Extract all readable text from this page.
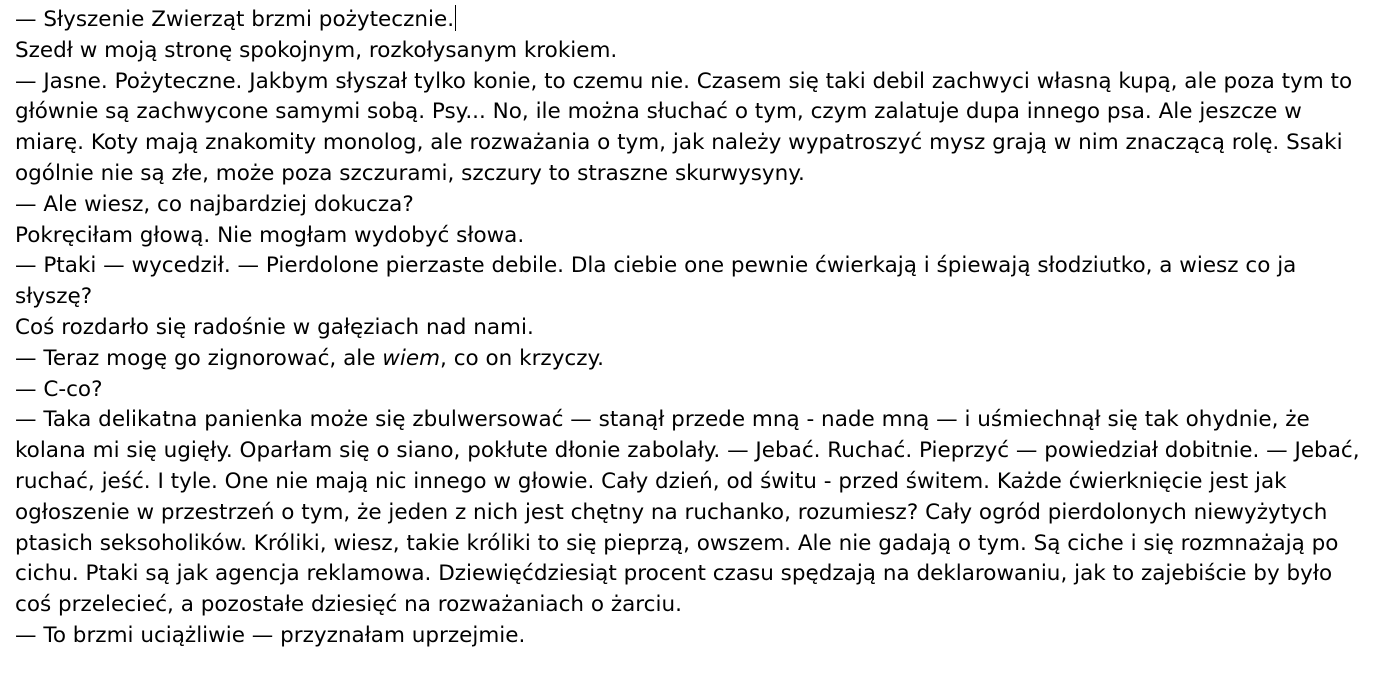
— Słyszenie Zwierząt brzmi pożytecznie.

Szedł w moją stronę spokojnym, rozkołysanym krokiem.

— Jasne. Pożyteczne. Jakbym słyszał tylko konie, to czemu nie. Czasem się taki debil zachwyci własną kupą, ale poza tym to głównie są zachwycone samymi sobą. Psy... No, ile można słuchać o tym, czym zalatuje dupa innego psa. Ale jeszcze w miarę. Koty mają znakomity monolog, ale rozważania o tym, jak należy wypatroszyć mysz grają w nim znaczącą rolę. Ssaki ogólnie nie są złe, może poza szczurami, szczury to straszne skurwysyny.

— Ale wiesz, co najbardziej dokucza?

Pokręciłam głową. Nie mogłam wydobyć słowa.

— Ptaki — wycedził. — Pierdolone pierzaste debile. Dla ciebie one pewnie ćwierkają i śpiewają słodziutko, a wiesz co ja słyszę?

Coś rozdarło się radośnie w gałęziach nad nami.

— Teraz mogę go zignorować, ale wiem, co on krzyczy.

— C-co?

— Taka delikatna panienka może się zbulwersować — stanął przede mną - nade mną — i uśmiechnął się tak ohydnie, że kolana mi się ugięły. Oparłam się o siano, pokłute dłonie zabolały. — Jebać. Ruchać. Pieprzyć — powiedział dobitnie. — Jebać, ruchać, jeść. I tyle. One nie mają nic innego w głowie. Cały dzień, od świtu - przed świtem. Każde ćwierknięcie jest jak ogłoszenie w przestrzeń o tym, że jeden z nich jest chętny na ruchanko, rozumiesz? Cały ogród pierdolonych niewyżytych ptasich seksoholików. Króliki, wiesz, takie króliki to się pieprzą, owszem. Ale nie gadają o tym. Są ciche i się rozmnażają po cichu. Ptaki są jak agencja reklamowa. Dziewięćdziesiąt procent czasu spędzają na deklarowaniu, jak to zajebiście by było coś przelecieć, a pozostałe dziesięć na rozważaniach o żarciu.

— To brzmi uciążliwie — przyznałam uprzejmie.
